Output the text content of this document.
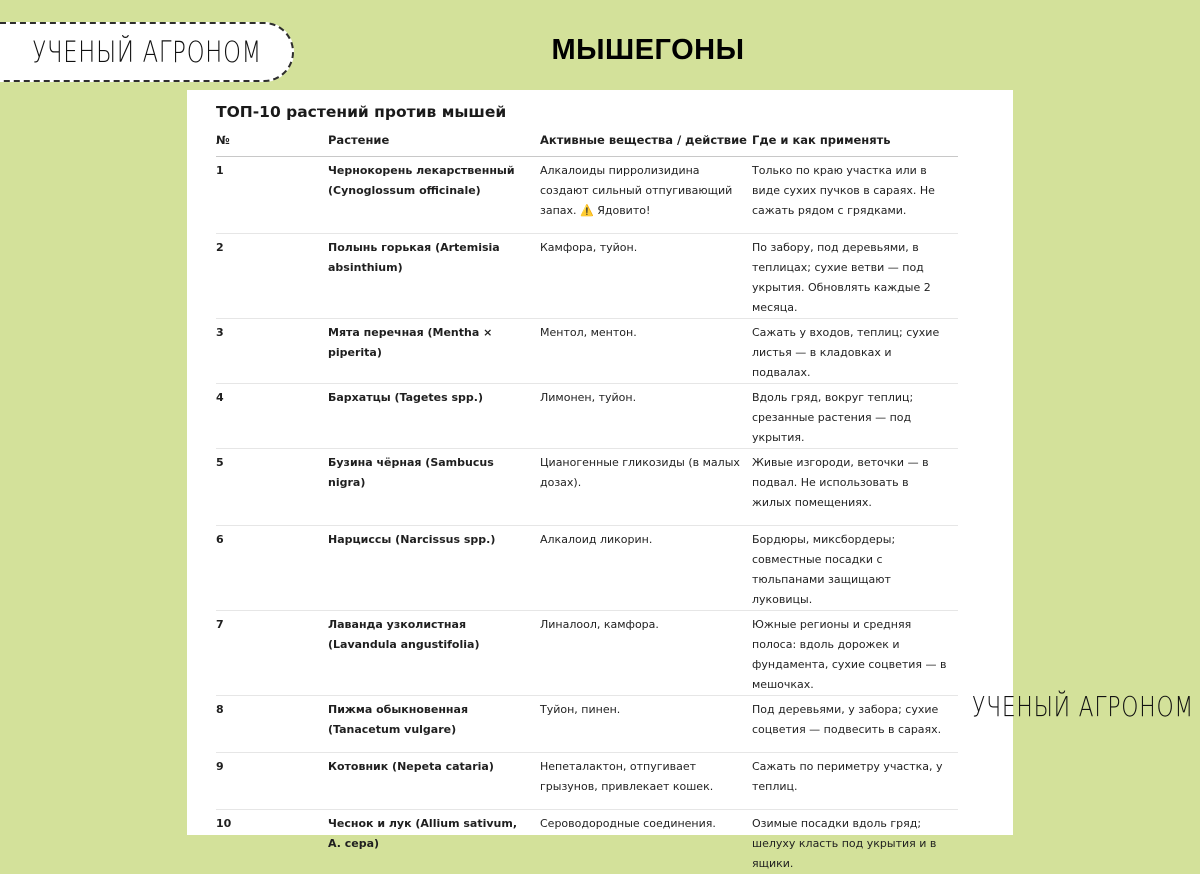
УЧЕНЫЙ АГРОНОМ	МЫШЕГОНЫ
ТОП-10 растений против мышей
№	Растение	Активные вещества / действие	Где и как применять
1	Чернокорень лекарственный (Cynoglossum officinale)	Алкалоиды пирролизидина создают сильный отпугивающий запах. ⚠️ Ядовито!	Только по краю участка или в виде сухих пучков в сараях. Не сажать рядом с грядками.
2	Полынь горькая (Artemisia absinthium)	Камфора, туйон.	По забору, под деревьями, в теплицах; сухие ветви — под укрытия. Обновлять каждые 2 месяца.
3	Мята перечная (Mentha × piperita)	Ментол, ментон.	Сажать у входов, теплиц; сухие листья — в кладовках и подвалах.
4	Бархатцы (Tagetes spp.)	Лимонен, туйон.	Вдоль гряд, вокруг теплиц; срезанные растения — под укрытия.
5	Бузина чёрная (Sambucus nigra)	Цианогенные гликозиды (в малых дозах).	Живые изгороди, веточки — в подвал. Не использовать в жилых помещениях.
6	Нарциссы (Narcissus spp.)	Алкалоид ликорин.	Бордюры, миксбордеры; совместные посадки с тюльпанами защищают луковицы.
7	Лаванда узколистная (Lavandula angustifolia)	Линалоол, камфора.	Южные регионы и средняя полоса: вдоль дорожек и фундамента, сухие соцветия — в мешочках.
8	Пижма обыкновенная (Tanacetum vulgare)	Туйон, пинен.	Под деревьями, у забора; сухие соцветия — подвесить в сараях.
9	Котовник (Nepeta cataria)	Непеталактон, отпугивает грызунов, привлекает кошек.	Сажать по периметру участка, у теплиц.
10	Чеснок и лук (Allium sativum, A. cepa)	Сероводородные соединения.	Озимые посадки вдоль гряд; шелуху класть под укрытия и в ящики.
УЧЕНЫЙ АГРОНОМ
